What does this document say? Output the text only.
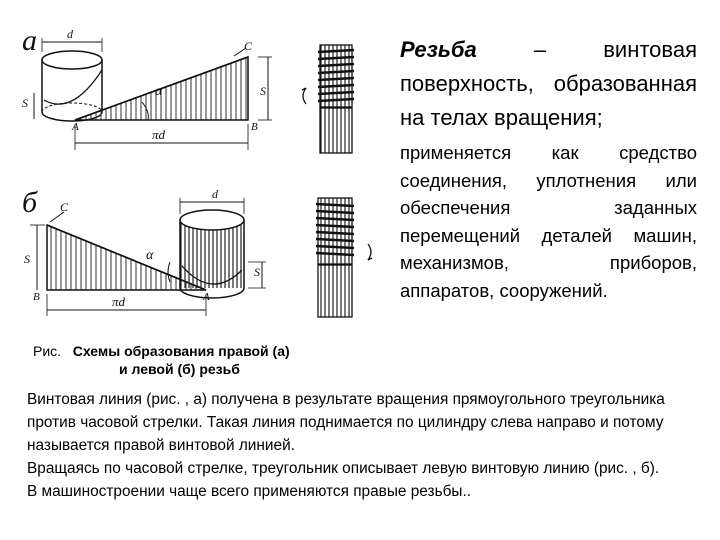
а
б
d
S
C
α
A	B
πd
S
d
S
C
α
B	A
πd
S
Рис. Схемы образования правой (а)
и левой (б) резьб
Резьба – винтовая поверхность, образованная на телах вращения;
применяется как средство соединения, уплотнения или обеспечения заданных перемещений деталей машин, механизмов, приборов, аппаратов, сооружений.

Винтовая линия (рис. , а) получена в результате вращения прямоугольного треугольника против часовой стрелки. Такая линия поднимается по цилиндру слева направо и потому называется правой винтовой линией.

Вращаясь по часовой стрелке, треугольник описывает левую винтовую линию (рис. , б).

В машиностроении чаще всего применяются правые резьбы..
